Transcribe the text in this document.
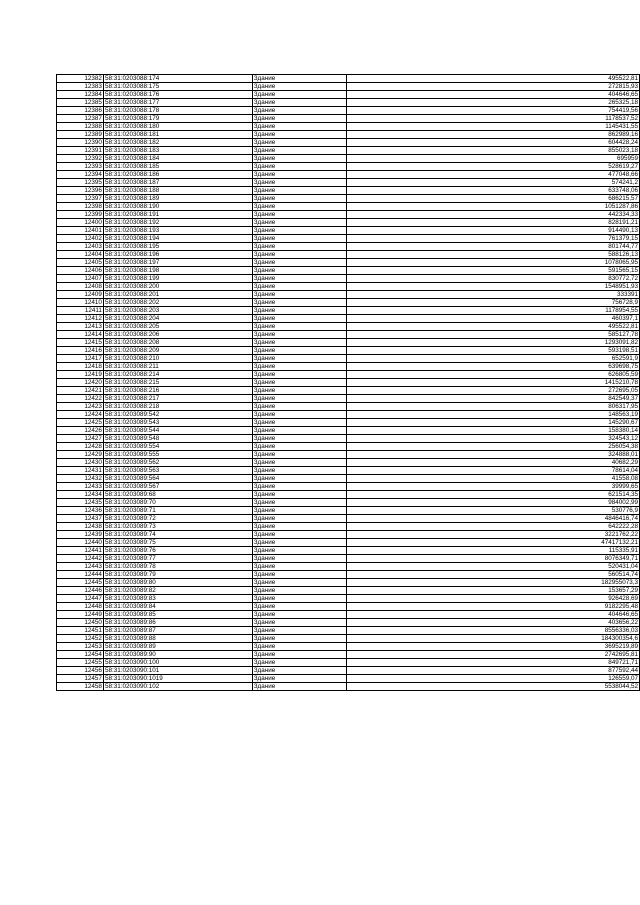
12382	58:31:0203088:174	Здание	495522,81
12383	58:31:0203088:175	Здание	272815,93
12384	58:31:0203088:176	Здание	404646,65
12385	58:31:0203088:177	Здание	265325,18
12386	58:31:0203088:178	Здание	754419,56
12387	58:31:0203088:179	Здание	1178537,52
12388	58:31:0203088:180	Здание	1145431,55
12389	58:31:0203088:181	Здание	862989,16
12390	58:31:0203088:182	Здание	604428,24
12391	58:31:0203088:183	Здание	855023,18
12392	58:31:0203088:184	Здание	695959
12393	58:31:0203088:185	Здание	528619,27
12394	58:31:0203088:186	Здание	477048,66
12395	58:31:0203088:187	Здание	574241,2
12396	58:31:0203088:188	Здание	633748,06
12397	58:31:0203088:189	Здание	686215,57
12398	58:31:0203088:190	Здание	1051287,86
12399	58:31:0203088:191	Здание	442334,33
12400	58:31:0203088:192	Здание	828191,21
12401	58:31:0203088:193	Здание	914490,13
12402	58:31:0203088:194	Здание	761379,15
12403	58:31:0203088:195	Здание	801744,77
12404	58:31:0203088:196	Здание	588126,13
12405	58:31:0203088:197	Здание	1078065,95
12406	58:31:0203088:198	Здание	591565,15
12407	58:31:0203088:199	Здание	830772,72
12408	58:31:0203088:200	Здание	1548951,93
12409	58:31:0203088:201	Здание	333391
12410	58:31:0203088:202	Здание	756728,9
12411	58:31:0203088:203	Здание	1178954,55
12412	58:31:0203088:204	Здание	460397,1
12413	58:31:0203088:205	Здание	495522,81
12414	58:31:0203088:206	Здание	585127,78
12415	58:31:0203088:208	Здание	1293091,82
12416	58:31:0203088:209	Здание	593198,51
12417	58:31:0203088:210	Здание	652591,9
12418	58:31:0203088:211	Здание	639698,75
12419	58:31:0203088:214	Здание	626805,59
12420	58:31:0203088:215	Здание	1415210,78
12421	58:31:0203088:216	Здание	272695,05
12422	58:31:0203088:217	Здание	842549,37
12423	58:31:0203088:218	Здание	806317,95
12424	58:31:0203089:542	Здание	148563,19
12425	58:31:0203089:543	Здание	145290,67
12426	58:31:0203089:544	Здание	158380,14
12427	58:31:0203089:548	Здание	324543,12
12428	58:31:0203089:554	Здание	256054,38
12429	58:31:0203089:555	Здание	324888,01
12430	58:31:0203089:562	Здание	40682,29
12431	58:31:0203089:563	Здание	78614,04
12432	58:31:0203089:564	Здание	41558,08
12433	58:31:0203089:567	Здание	39999,65
12434	58:31:0203089:68	Здание	621514,35
12435	58:31:0203089:70	Здание	984002,99
12436	58:31:0203089:71	Здание	530776,9
12437	58:31:0203089:72	Здание	4846416,74
12438	58:31:0203089:73	Здание	642222,28
12439	58:31:0203089:74	Здание	3221762,22
12440	58:31:0203089:75	Здание	47417132,21
12441	58:31:0203089:76	Здание	115335,91
12442	58:31:0203089:77	Здание	8076349,71
12443	58:31:0203089:78	Здание	520431,04
12444	58:31:0203089:79	Здание	560514,74
12445	58:31:0203089:80	Здание	182955073,3
12446	58:31:0203089:82	Здание	153657,29
12447	58:31:0203089:83	Здание	926428,69
12448	58:31:0203089:84	Здание	9182295,48
12449	58:31:0203089:85	Здание	404646,65
12450	58:31:0203089:86	Здание	403656,22
12451	58:31:0203089:87	Здание	8556336,03
12452	58:31:0203089:88	Здание	184300354,6
12453	58:31:0203089:89	Здание	3695219,89
12454	58:31:0203089:90	Здание	2742695,81
12455	58:31:0203090:100	Здание	849721,71
12456	58:31:0203090:101	Здание	877592,44
12457	58:31:0203090:1019	Здание	126559,07
12458	58:31:0203090:102	Здание	5538044,52
